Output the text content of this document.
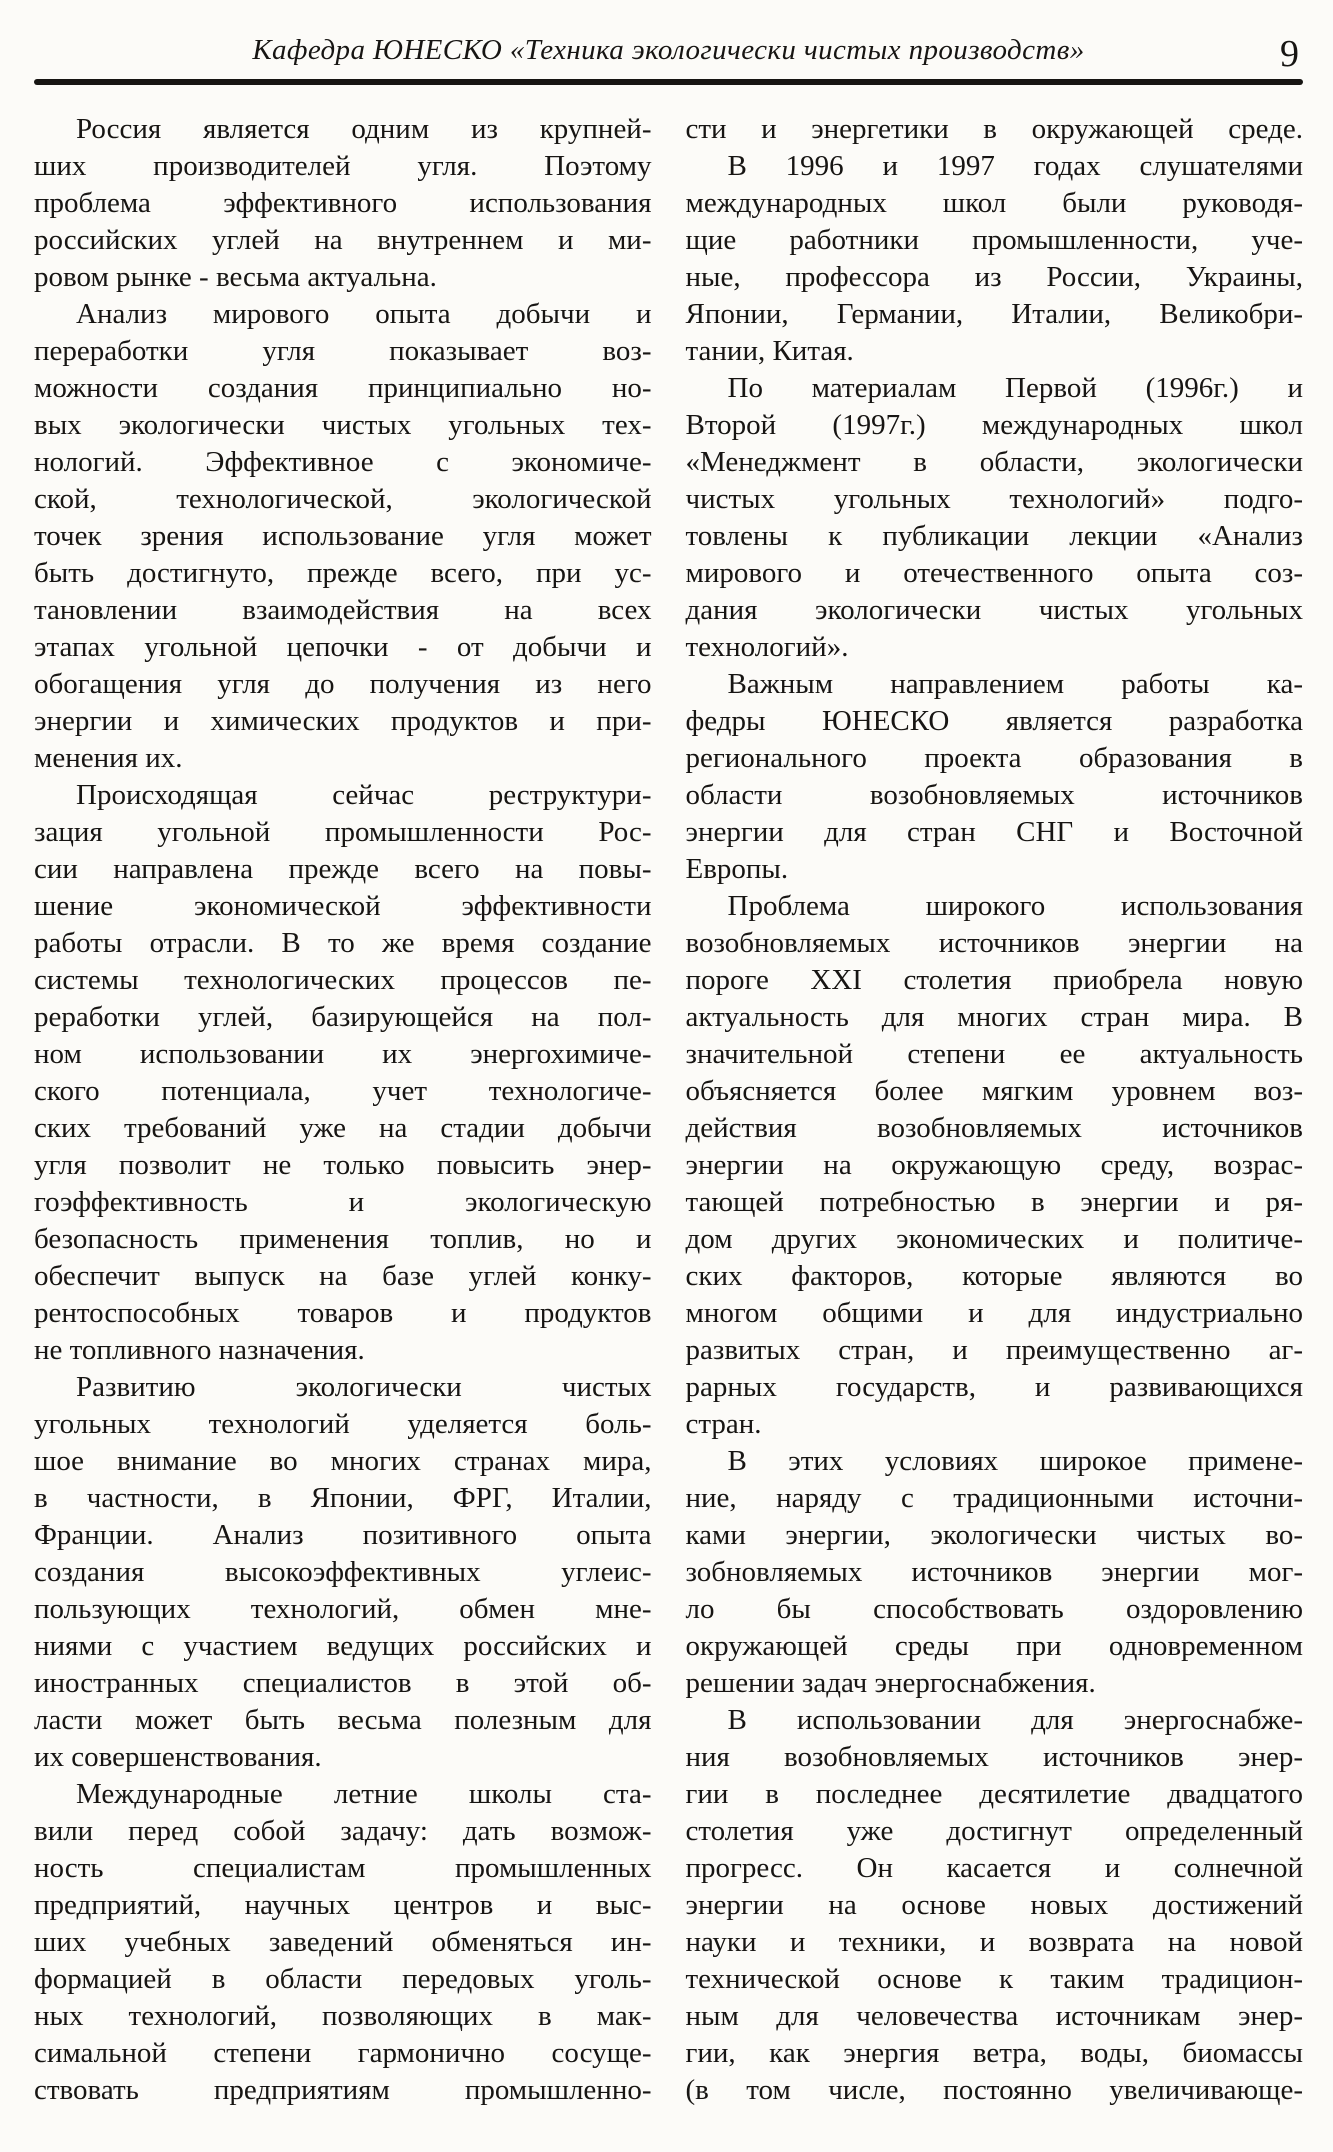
Кафедра ЮНЕСКО «Техника экологически чистых производств»	9
Россия является одним из крупней-
ших производителей угля. Поэтому
проблема эффективного использования
российских углей на внутреннем и ми-
ровом рынке - весьма актуальна.
Анализ мирового опыта добычи и
переработки угля показывает воз-
можности создания принципиально но-
вых экологически чистых угольных тех-
нологий. Эффективное с экономиче-
ской, технологической, экологической
точек зрения использование угля может
быть достигнуто, прежде всего, при ус-
тановлении взаимодействия на всех
этапах угольной цепочки - от добычи и
обогащения угля до получения из него
энергии и химических продуктов и при-
менения их.
Происходящая сейчас реструктури-
зация угольной промышленности Рос-
сии направлена прежде всего на повы-
шение экономической эффективности
работы отрасли. В то же время создание
системы технологических процессов пе-
реработки углей, базирующейся на пол-
ном использовании их энергохимиче-
ского потенциала, учет технологиче-
ских требований уже на стадии добычи
угля позволит не только повысить энер-
гоэффективность и экологическую
безопасность применения топлив, но и
обеспечит выпуск на базе углей конку-
рентоспособных товаров и продуктов
не топливного назначения.
Развитию экологически чистых
угольных технологий уделяется боль-
шое внимание во многих странах мира,
в частности, в Японии, ФРГ, Италии,
Франции. Анализ позитивного опыта
создания высокоэффективных углеис-
пользующих технологий, обмен мне-
ниями с участием ведущих российских и
иностранных специалистов в этой об-
ласти может быть весьма полезным для
их совершенствования.
Международные летние школы ста-
вили перед собой задачу: дать возмож-
ность специалистам промышленных
предприятий, научных центров и выс-
ших учебных заведений обменяться ин-
формацией в области передовых уголь-
ных технологий, позволяющих в мак-
симальной степени гармонично сосуще-
ствовать предприятиям промышленно-
сти и энергетики в окружающей среде.
В 1996 и 1997 годах слушателями
международных школ были руководя-
щие работники промышленности, уче-
ные, профессора из России, Украины,
Японии, Германии, Италии, Великобри-
тании, Китая.
По материалам Первой (1996г.) и
Второй (1997г.) международных школ
«Менеджмент в области, экологически
чистых угольных технологий» подго-
товлены к публикации лекции «Анализ
мирового и отечественного опыта соз-
дания экологически чистых угольных
технологий».
Важным направлением работы ка-
федры ЮНЕСКО является разработка
регионального проекта образования в
области возобновляемых источников
энергии для стран СНГ и Восточной
Европы.
Проблема широкого использования
возобновляемых источников энергии на
пороге XXI столетия приобрела новую
актуальность для многих стран мира. В
значительной степени ее актуальность
объясняется более мягким уровнем воз-
действия возобновляемых источников
энергии на окружающую среду, возрас-
тающей потребностью в энергии и ря-
дом других экономических и политиче-
ских факторов, которые являются во
многом общими и для индустриально
развитых стран, и преимущественно аг-
рарных государств, и развивающихся
стран.
В этих условиях широкое примене-
ние, наряду с традиционными источни-
ками энергии, экологически чистых во-
зобновляемых источников энергии мог-
ло бы способствовать оздоровлению
окружающей среды при одновременном
решении задач энергоснабжения.
В использовании для энергоснабже-
ния возобновляемых источников энер-
гии в последнее десятилетие двадцатого
столетия уже достигнут определенный
прогресс. Он касается и солнечной
энергии на основе новых достижений
науки и техники, и возврата на новой
технической основе к таким традицион-
ным для человечества источникам энер-
гии, как энергия ветра, воды, биомассы
(в том числе, постоянно увеличивающе-
